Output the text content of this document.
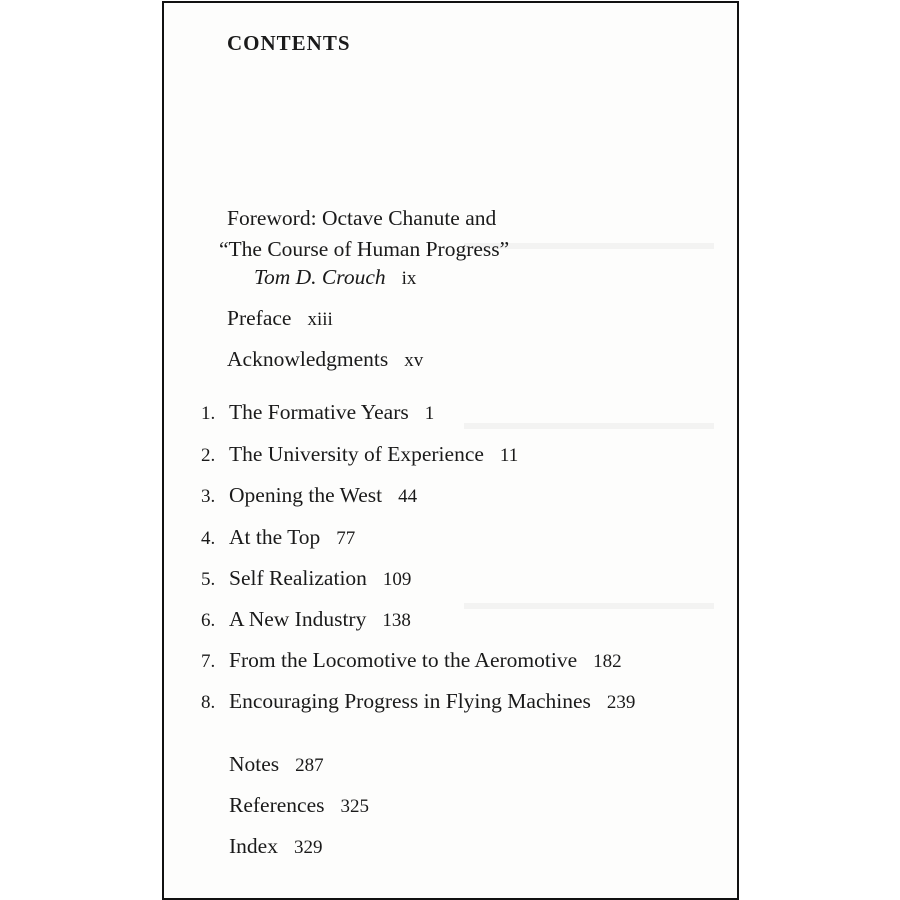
CONTENTS
Foreword: Octave Chanute and
“The Course of Human Progress”
Tom D. Crouch ix
Preface xiii
Acknowledgments xv
1. The Formative Years 1
2. The University of Experience 11
3. Opening the West 44
4. At the Top 77
5. Self Realization 109
6. A New Industry 138
7. From the Locomotive to the Aeromotive 182
8. Encouraging Progress in Flying Machines 239
Notes 287
References 325
Index 329
